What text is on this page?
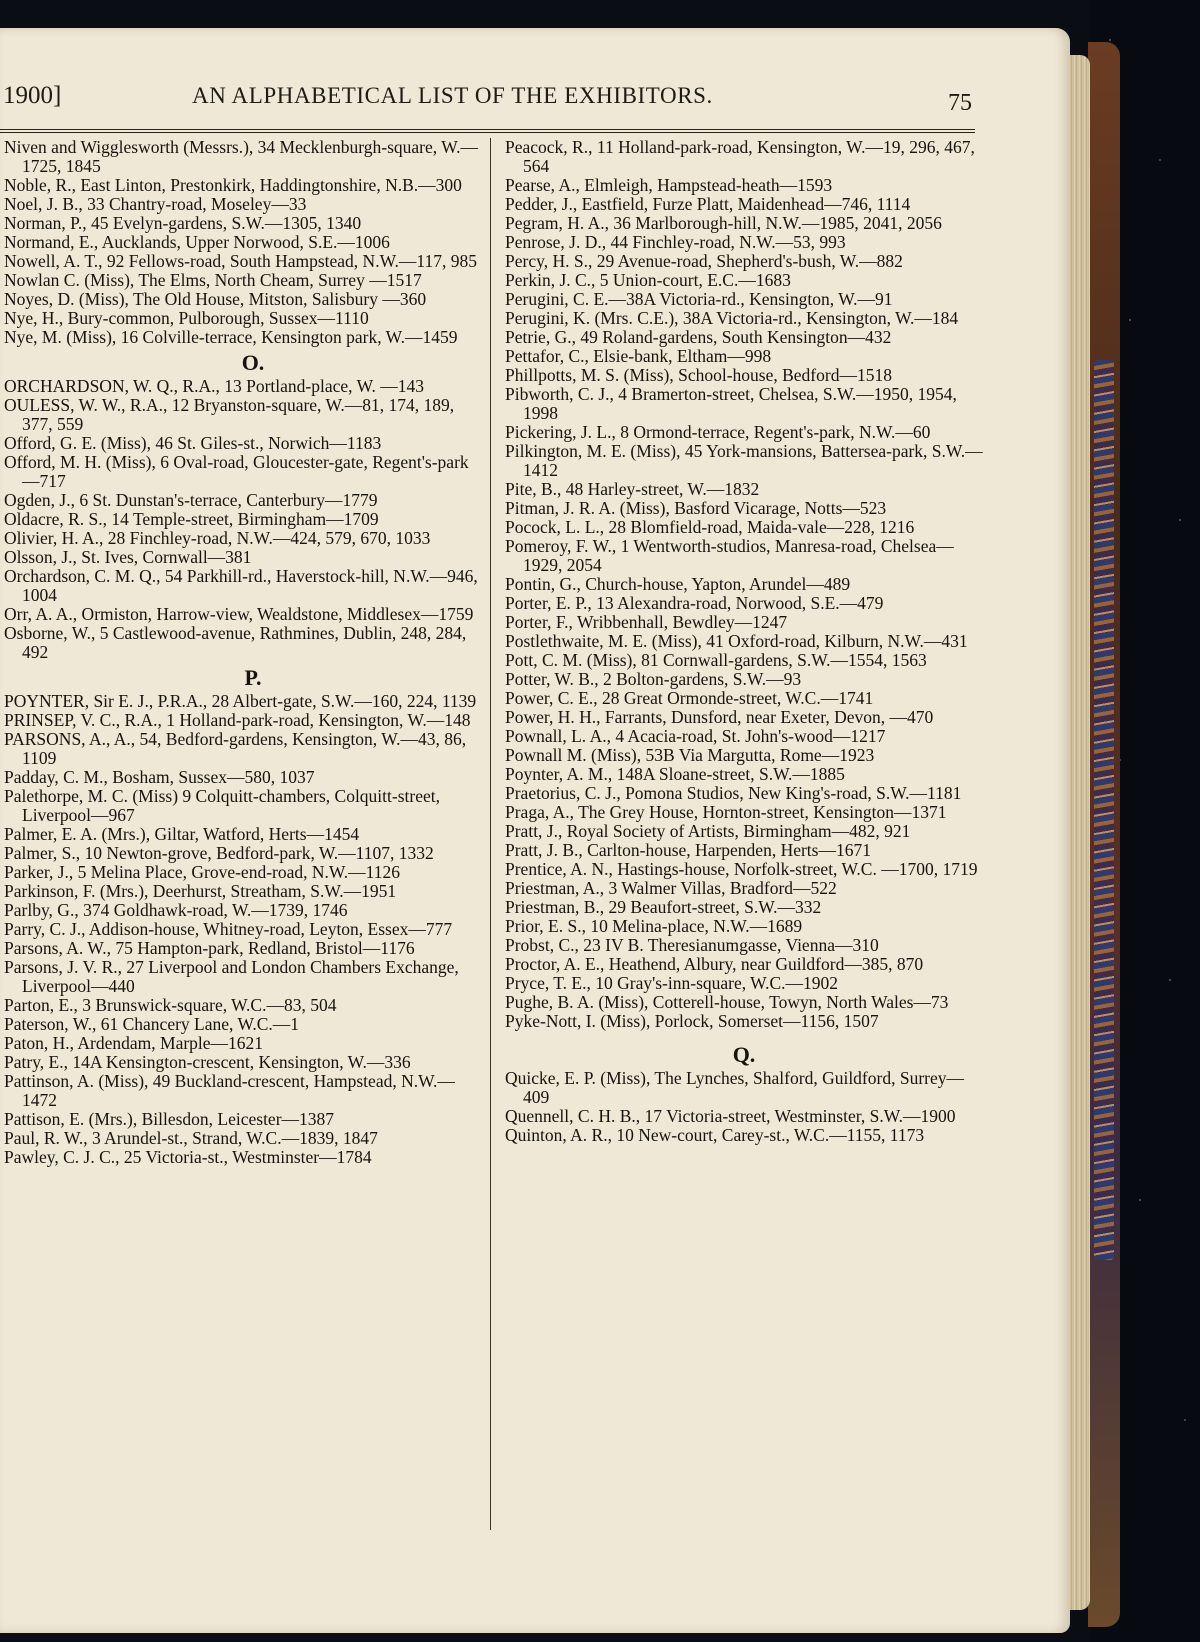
1900]	AN ALPHABETICAL LIST OF THE EXHIBITORS.	75

Niven and Wigglesworth (Messrs.), 34 Mecklenburgh-square, W.—1725, 1845

Noble, R., East Linton, Prestonkirk, Haddingtonshire, N.B.—300

Noel, J. B., 33 Chantry-road, Moseley—33

Norman, P., 45 Evelyn-gardens, S.W.—1305, 1340

Normand, E., Aucklands, Upper Norwood, S.E.—1006

Nowell, A. T., 92 Fellows-road, South Hampstead, N.W.—117, 985

Nowlan C. (Miss), The Elms, North Cheam, Surrey —1517

Noyes, D. (Miss), The Old House, Mitston, Salisbury —360

Nye, H., Bury-common, Pulborough, Sussex—1110

Nye, M. (Miss), 16 Colville-terrace, Kensington park, W.—1459

O.

ORCHARDSON, W. Q., R.A., 13 Portland-place, W. —143

OULESS, W. W., R.A., 12 Bryanston-square, W.—81, 174, 189, 377, 559

Offord, G. E. (Miss), 46 St. Giles-st., Norwich—1183

Offord, M. H. (Miss), 6 Oval-road, Gloucester-gate, Regent's-park—717

Ogden, J., 6 St. Dunstan's-terrace, Canterbury—1779

Oldacre, R. S., 14 Temple-street, Birmingham—1709

Olivier, H. A., 28 Finchley-road, N.W.—424, 579, 670, 1033

Olsson, J., St. Ives, Cornwall—381

Orchardson, C. M. Q., 54 Parkhill-rd., Haverstock-hill, N.W.—946, 1004

Orr, A. A., Ormiston, Harrow-view, Wealdstone, Middlesex—1759

Osborne, W., 5 Castlewood-avenue, Rathmines, Dublin, 248, 284, 492

P.

POYNTER, Sir E. J., P.R.A., 28 Albert-gate, S.W.—160, 224, 1139

PRINSEP, V. C., R.A., 1 Holland-park-road, Kensington, W.—148

PARSONS, A., A., 54, Bedford-gardens, Kensington, W.—43, 86, 1109

Padday, C. M., Bosham, Sussex—580, 1037

Palethorpe, M. C. (Miss) 9 Colquitt-chambers, Colquitt-street, Liverpool—967

Palmer, E. A. (Mrs.), Giltar, Watford, Herts—1454

Palmer, S., 10 Newton-grove, Bedford-park, W.—1107, 1332

Parker, J., 5 Melina Place, Grove-end-road, N.W.—1126

Parkinson, F. (Mrs.), Deerhurst, Streatham, S.W.—1951

Parlby, G., 374 Goldhawk-road, W.—1739, 1746

Parry, C. J., Addison-house, Whitney-road, Leyton, Essex—777

Parsons, A. W., 75 Hampton-park, Redland, Bristol—1176

Parsons, J. V. R., 27 Liverpool and London Chambers Exchange, Liverpool—440

Parton, E., 3 Brunswick-square, W.C.—83, 504

Paterson, W., 61 Chancery Lane, W.C.—1

Paton, H., Ardendam, Marple—1621

Patry, E., 14A Kensington-crescent, Kensington, W.—336

Pattinson, A. (Miss), 49 Buckland-crescent, Hampstead, N.W.—1472

Pattison, E. (Mrs.), Billesdon, Leicester—1387

Paul, R. W., 3 Arundel-st., Strand, W.C.—1839, 1847

Pawley, C. J. C., 25 Victoria-st., Westminster—1784

Peacock, R., 11 Holland-park-road, Kensington, W.—19, 296, 467, 564

Pearse, A., Elmleigh, Hampstead-heath—1593

Pedder, J., Eastfield, Furze Platt, Maidenhead—746, 1114

Pegram, H. A., 36 Marlborough-hill, N.W.—1985, 2041, 2056

Penrose, J. D., 44 Finchley-road, N.W.—53, 993

Percy, H. S., 29 Avenue-road, Shepherd's-bush, W.—882

Perkin, J. C., 5 Union-court, E.C.—1683

Perugini, C. E.—38A Victoria-rd., Kensington, W.—91

Perugini, K. (Mrs. C.E.), 38A Victoria-rd., Kensington, W.—184

Petrie, G., 49 Roland-gardens, South Kensington—432

Pettafor, C., Elsie-bank, Eltham—998

Phillpotts, M. S. (Miss), School-house, Bedford—1518

Pibworth, C. J., 4 Bramerton-street, Chelsea, S.W.—1950, 1954, 1998

Pickering, J. L., 8 Ormond-terrace, Regent's-park, N.W.—60

Pilkington, M. E. (Miss), 45 York-mansions, Battersea-park, S.W.—1412

Pite, B., 48 Harley-street, W.—1832

Pitman, J. R. A. (Miss), Basford Vicarage, Notts—523

Pocock, L. L., 28 Blomfield-road, Maida-vale—228, 1216

Pomeroy, F. W., 1 Wentworth-studios, Manresa-road, Chelsea—1929, 2054

Pontin, G., Church-house, Yapton, Arundel—489

Porter, E. P., 13 Alexandra-road, Norwood, S.E.—479

Porter, F., Wribbenhall, Bewdley—1247

Postlethwaite, M. E. (Miss), 41 Oxford-road, Kilburn, N.W.—431

Pott, C. M. (Miss), 81 Cornwall-gardens, S.W.—1554, 1563

Potter, W. B., 2 Bolton-gardens, S.W.—93

Power, C. E., 28 Great Ormonde-street, W.C.—1741

Power, H. H., Farrants, Dunsford, near Exeter, Devon, —470

Pownall, L. A., 4 Acacia-road, St. John's-wood—1217

Pownall M. (Miss), 53B Via Margutta, Rome—1923

Poynter, A. M., 148A Sloane-street, S.W.—1885

Praetorius, C. J., Pomona Studios, New King's-road, S.W.—1181

Praga, A., The Grey House, Hornton-street, Kensington—1371

Pratt, J., Royal Society of Artists, Birmingham—482, 921

Pratt, J. B., Carlton-house, Harpenden, Herts—1671

Prentice, A. N., Hastings-house, Norfolk-street, W.C. —1700, 1719

Priestman, A., 3 Walmer Villas, Bradford—522

Priestman, B., 29 Beaufort-street, S.W.—332

Prior, E. S., 10 Melina-place, N.W.—1689

Probst, C., 23 IV B. Theresianumgasse, Vienna—310

Proctor, A. E., Heathend, Albury, near Guildford—385, 870

Pryce, T. E., 10 Gray's-inn-square, W.C.—1902

Pughe, B. A. (Miss), Cotterell-house, Towyn, North Wales—73

Pyke-Nott, I. (Miss), Porlock, Somerset—1156, 1507

Q.

Quicke, E. P. (Miss), The Lynches, Shalford, Guildford, Surrey—409

Quennell, C. H. B., 17 Victoria-street, Westminster, S.W.—1900

Quinton, A. R., 10 New-court, Carey-st., W.C.—1155, 1173
